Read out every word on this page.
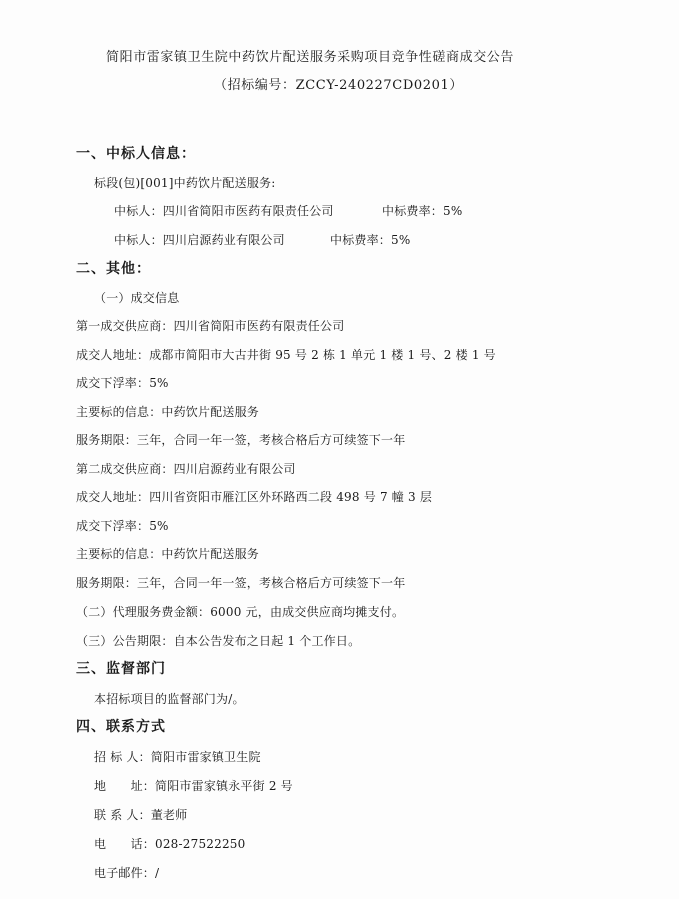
简阳市雷家镇卫生院中药饮片配送服务采购项目竞争性磋商成交公告
（招标编号：ZCCY-240227CD0201）
一、中标人信息：
标段(包)[001]中药饮片配送服务:
中标人：四川省简阳市医药有限责任公司	中标费率：5%
中标人：四川启源药业有限公司	中标费率：5%
二、其他：
（一）成交信息
第一成交供应商：四川省简阳市医药有限责任公司
成交人地址：成都市简阳市大古井街 95 号 2 栋 1 单元 1 楼 1 号、2 楼 1 号
成交下浮率：5%
主要标的信息：中药饮片配送服务
服务期限：三年，合同一年一签，考核合格后方可续签下一年
第二成交供应商：四川启源药业有限公司
成交人地址：四川省资阳市雁江区外环路西二段 498 号 7 幢 3 层
成交下浮率：5%
主要标的信息：中药饮片配送服务
服务期限：三年，合同一年一签，考核合格后方可续签下一年
（二）代理服务费金额：6000 元，由成交供应商均摊支付。
（三）公告期限：自本公告发布之日起 1 个工作日。
三、监督部门
本招标项目的监督部门为/。
四、联系方式
招 标 人：简阳市雷家镇卫生院
地　　址：简阳市雷家镇永平街 2 号
联 系 人：董老师
电　　话：028-27522250
电子邮件：/
